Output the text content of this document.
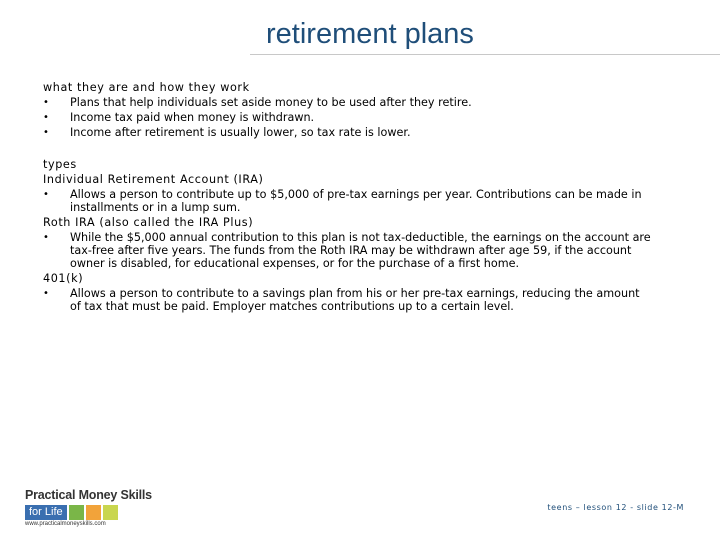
retirement plans
what they are and how they work
• Plans that help individuals set aside money to be used after they retire.
• Income tax paid when money is withdrawn.
• Income after retirement is usually lower, so tax rate is lower.
types
Individual Retirement Account (IRA)
• Allows a person to contribute up to $5,000 of pre-tax earnings per year. Contributions can be made in installments or in a lump sum.
Roth IRA (also called the IRA Plus)
• While the $5,000 annual contribution to this plan is not tax-deductible, the earnings on the account are tax-free after five years. The funds from the Roth IRA may be withdrawn after age 59, if the account owner is disabled, for educational expenses, or for the purchase of a first home.
401(k)
• Allows a person to contribute to a savings plan from his or her pre-tax earnings, reducing the amount of tax that must be paid. Employer matches contributions up to a certain level.
Practical Money Skills
for Life
www.practicalmoneyskills.com
teens – lesson 12 - slide 12-M
